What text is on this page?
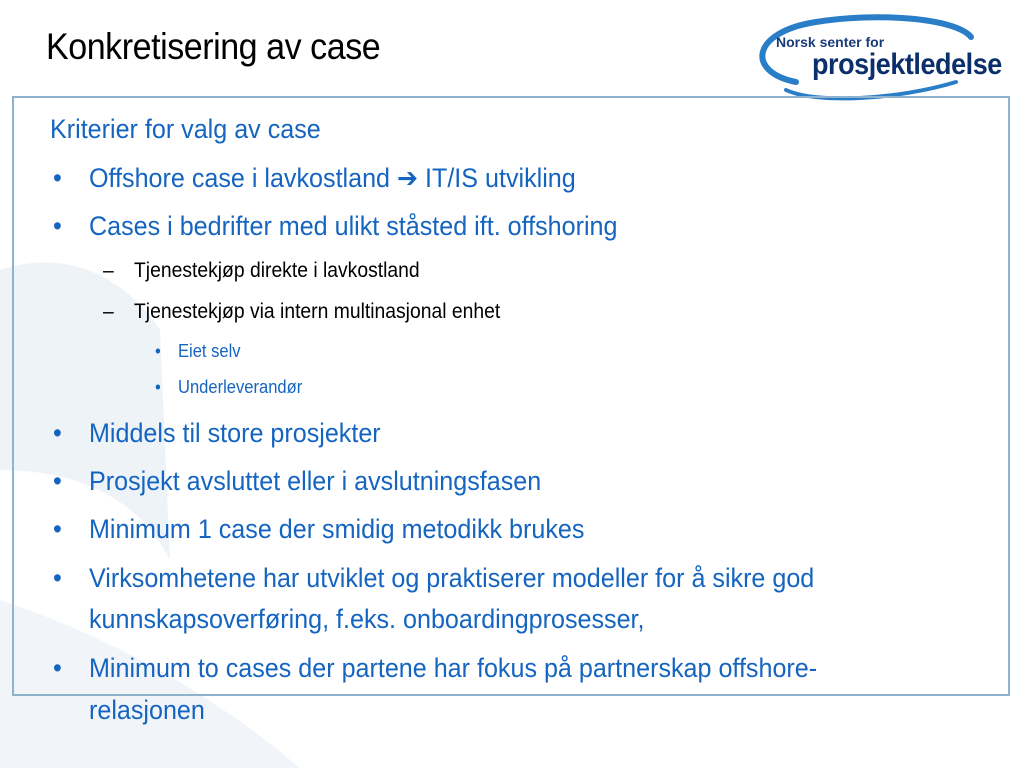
Konkretisering av case	Norsk senter for
prosjektledelse
Kriterier for valg av case
• Offshore case i lavkostland ➔ IT/IS utvikling
• Cases i bedrifter med ulikt ståsted ift. offshoring
– Tjenestekjøp direkte i lavkostland
– Tjenestekjøp via intern multinasjonal enhet
• Eiet selv
• Underleverandør
• Middels til store prosjekter
• Prosjekt avsluttet eller i avslutningsfasen
• Minimum 1 case der smidig metodikk brukes
• Virksomhetene har utviklet og praktiserer modeller for å sikre god
kunnskapsoverføring, f.eks. onboardingprosesser,
• Minimum to cases der partene har fokus på partnerskap offshore-
relasjonen
